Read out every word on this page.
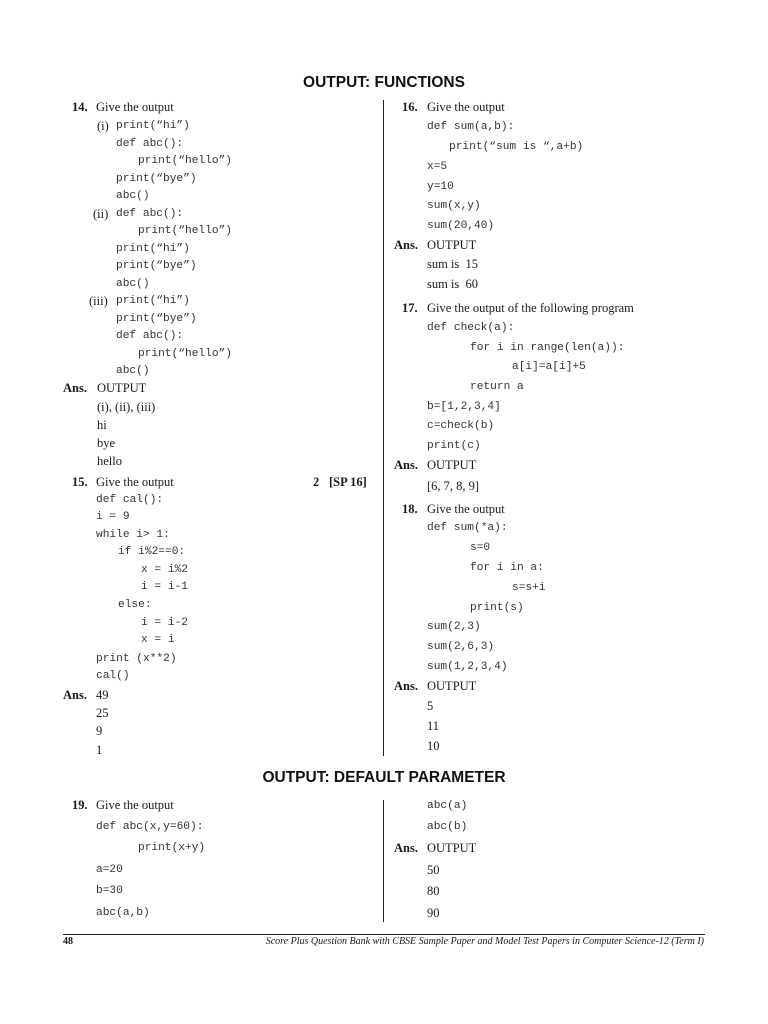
OUTPUT: FUNCTIONS
14. Give the output
(i) print(“hi”)
def abc():
print(“hello”)
print(“bye”)
abc()
(ii) def abc():
print(“hello”)
print(“hi”)
print(“bye”)
abc()
(iii) print(“hi”)
print(“bye”)
def abc():
print(“hello”)
abc()
Ans. OUTPUT
(i), (ii), (iii)
hi
bye
hello
15. Give the output	2 [SP 16]
def cal():
i = 9
while i> 1:
if i%2==0:
x = i%2
i = i-1
else:
i = i-2
x = i
print (x**2)
cal()
Ans. 49
25
9
1
16. Give the output
def sum(a,b):
print(“sum is “,a+b)
x=5
y=10
sum(x,y)
sum(20,40)
Ans. OUTPUT
sum is  15
sum is  60
17. Give the output of the following program
def check(a):
for i in range(len(a)):
a[i]=a[i]+5
return a
b=[1,2,3,4]
c=check(b)
print(c)
Ans. OUTPUT
[6, 7, 8, 9]
18. Give the output
def sum(*a):
s=0
for i in a:
s=s+i
print(s)
sum(2,3)
sum(2,6,3)
sum(1,2,3,4)
Ans. OUTPUT
5
11
10
OUTPUT: DEFAULT PARAMETER
19. Give the output
def abc(x,y=60):
print(x+y)
a=20
b=30
abc(a,b)
abc(a)
abc(b)
Ans. OUTPUT
50
80
90
48	Score Plus Question Bank with CBSE Sample Paper and Model Test Papers in Computer Science-12 (Term I)
